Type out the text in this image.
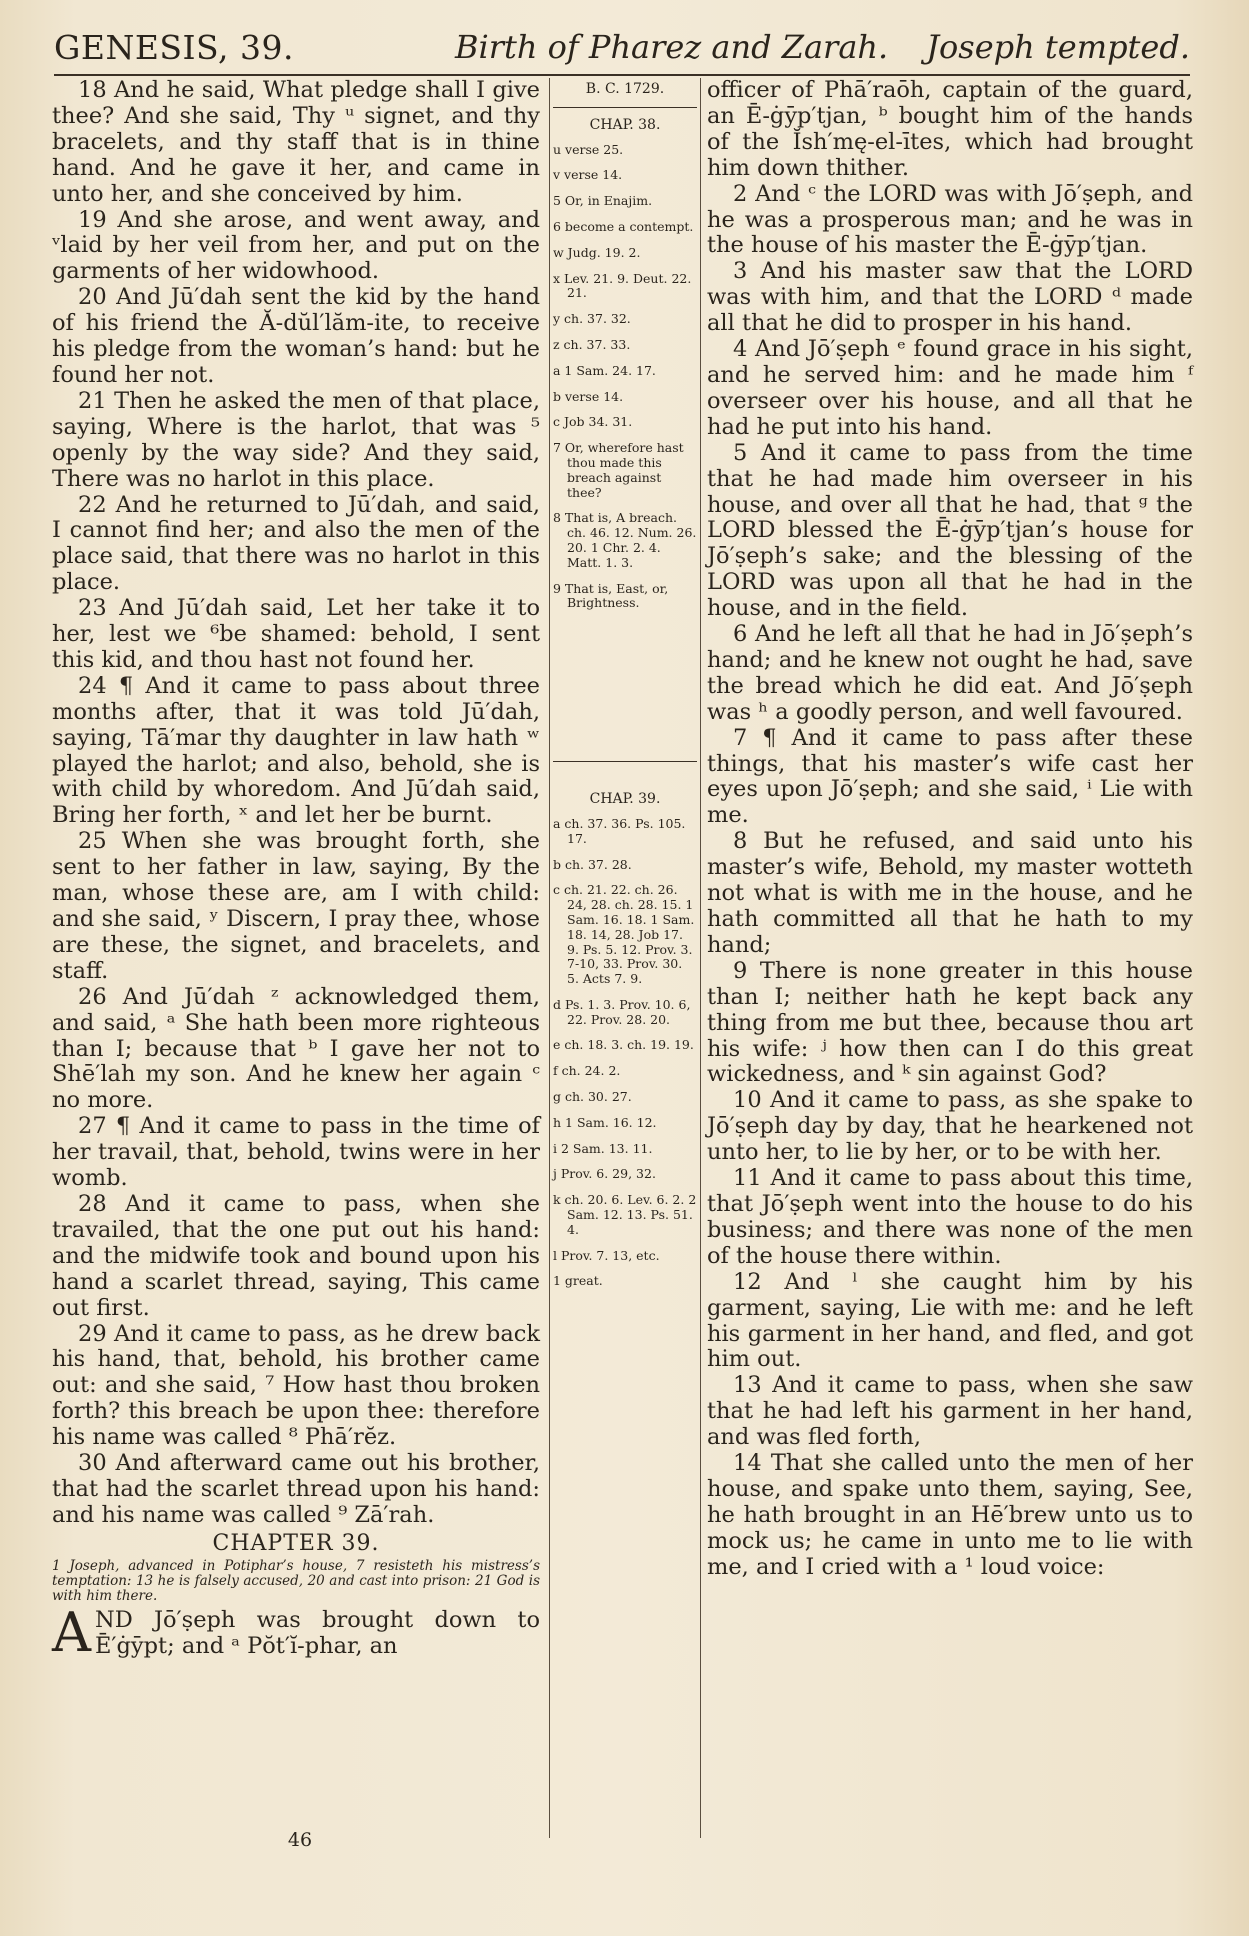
GENESIS, 39.	Birth of Pharez and Zarah. Joseph tempted.

18 And he said, What pledge shall I give thee? And she said, Thy ᵘ signet, and thy bracelets, and thy staff that is in thine hand. And he gave it her, and came in unto her, and she conceived by him.

19 And she arose, and went away, and ᵛlaid by her veil from her, and put on the garments of her widowhood.

20 And Jū′dah sent the kid by the hand of his friend the Ă-dŭl′lăm-ite, to receive his pledge from the woman’s hand: but he found her not.

21 Then he asked the men of that place, saying, Where is the harlot, that was ⁵ openly by the way side? And they said, There was no harlot in this place.

22 And he returned to Jū′dah, and said, I cannot find her; and also the men of the place said, that there was no harlot in this place.

23 And Jū′dah said, Let her take it to her, lest we ⁶be shamed: behold, I sent this kid, and thou hast not found her.

24 ¶ And it came to pass about three months after, that it was told Jū′dah, saying, Tā′mar thy daughter in law hath ʷ played the harlot; and also, behold, she is with child by whoredom. And Jū′dah said, Bring her forth, ˣ and let her be burnt.

25 When she was brought forth, she sent to her father in law, saying, By the man, whose these are, am I with child: and she said, ʸ Discern, I pray thee, whose are these, the signet, and bracelets, and staff.

26 And Jū′dah ᶻ acknowledged them, and said, ᵃ She hath been more righteous than I; because that ᵇ I gave her not to Shē′lah my son. And he knew her again ᶜ no more.

27 ¶ And it came to pass in the time of her travail, that, behold, twins were in her womb.

28 And it came to pass, when she travailed, that the one put out his hand: and the midwife took and bound upon his hand a scarlet thread, saying, This came out first.

29 And it came to pass, as he drew back his hand, that, behold, his brother came out: and she said, ⁷ How hast thou broken forth? this breach be upon thee: therefore his name was called ⁸ Phā′rĕz.

30 And afterward came out his brother, that had the scarlet thread upon his hand: and his name was called ⁹ Zā′rah.

CHAPTER 39.
1 Joseph, advanced in Potiphar’s house, 7 resisteth his mistress’s temptation: 13 he is falsely accused, 20 and cast into prison: 21 God is with him there.
AND Jō′ṣeph was brought down to Ē′ġȳpt; and ᵃ Pŏt′ĭ-phar, an
B. C. 1729.
CHAP. 38.
u verse 25.
v verse 14.
5 Or, in Enajim.
6 become a contempt.
w Judg. 19. 2.
x Lev. 21. 9. Deut. 22. 21.
y ch. 37. 32.
z ch. 37. 33.
a 1 Sam. 24. 17.
b verse 14.
c Job 34. 31.
7 Or, wherefore hast thou made this breach against thee?
8 That is, A breach. ch. 46. 12. Num. 26. 20. 1 Chr. 2. 4. Matt. 1. 3.
9 That is, East, or, Brightness.
CHAP. 39.
a ch. 37. 36. Ps. 105. 17.
b ch. 37. 28.
c ch. 21. 22. ch. 26. 24, 28. ch. 28. 15. 1 Sam. 16. 18. 1 Sam. 18. 14, 28. Job 17. 9. Ps. 5. 12. Prov. 3. 7-10, 33. Prov. 30. 5. Acts 7. 9.
d Ps. 1. 3. Prov. 10. 6, 22. Prov. 28. 20.
e ch. 18. 3. ch. 19. 19.
f ch. 24. 2.
g ch. 30. 27.
h 1 Sam. 16. 12.
i 2 Sam. 13. 11.
j Prov. 6. 29, 32.
k ch. 20. 6. Lev. 6. 2. 2 Sam. 12. 13. Ps. 51. 4.
l Prov. 7. 13, etc.
1 great.

officer of Phā′raōh, captain of the guard, an Ē-ġȳp′tjan, ᵇ bought him of the hands of the Ĭsh′mę-el-ītes, which had brought him down thither.

2 And ᶜ the LORD was with Jō′ṣeph, and he was a prosperous man; and he was in the house of his master the Ē-ġȳp′tjan.

3 And his master saw that the LORD was with him, and that the LORD ᵈ made all that he did to prosper in his hand.

4 And Jō′ṣeph ᵉ found grace in his sight, and he served him: and he made him ᶠ overseer over his house, and all that he had he put into his hand.

5 And it came to pass from the time that he had made him overseer in his house, and over all that he had, that ᵍ the LORD blessed the Ē-ġȳp′tjan’s house for Jō′ṣeph’s sake; and the blessing of the LORD was upon all that he had in the house, and in the field.

6 And he left all that he had in Jō′ṣeph’s hand; and he knew not ought he had, save the bread which he did eat. And Jō′ṣeph was ʰ a goodly person, and well favoured.

7 ¶ And it came to pass after these things, that his master’s wife cast her eyes upon Jō′ṣeph; and she said, ⁱ Lie with me.

8 But he refused, and said unto his master’s wife, Behold, my master wotteth not what is with me in the house, and he hath committed all that he hath to my hand;

9 There is none greater in this house than I; neither hath he kept back any thing from me but thee, because thou art his wife: ʲ how then can I do this great wickedness, and ᵏ sin against God?

10 And it came to pass, as she spake to Jō′ṣeph day by day, that he hearkened not unto her, to lie by her, or to be with her.

11 And it came to pass about this time, that Jō′ṣeph went into the house to do his business; and there was none of the men of the house there within.

12 And ˡ she caught him by his garment, saying, Lie with me: and he left his garment in her hand, and fled, and got him out.

13 And it came to pass, when she saw that he had left his garment in her hand, and was fled forth,

14 That she called unto the men of her house, and spake unto them, saying, See, he hath brought in an Hē′brew unto us to mock us; he came in unto me to lie with me, and I cried with a ¹ loud voice:

46
